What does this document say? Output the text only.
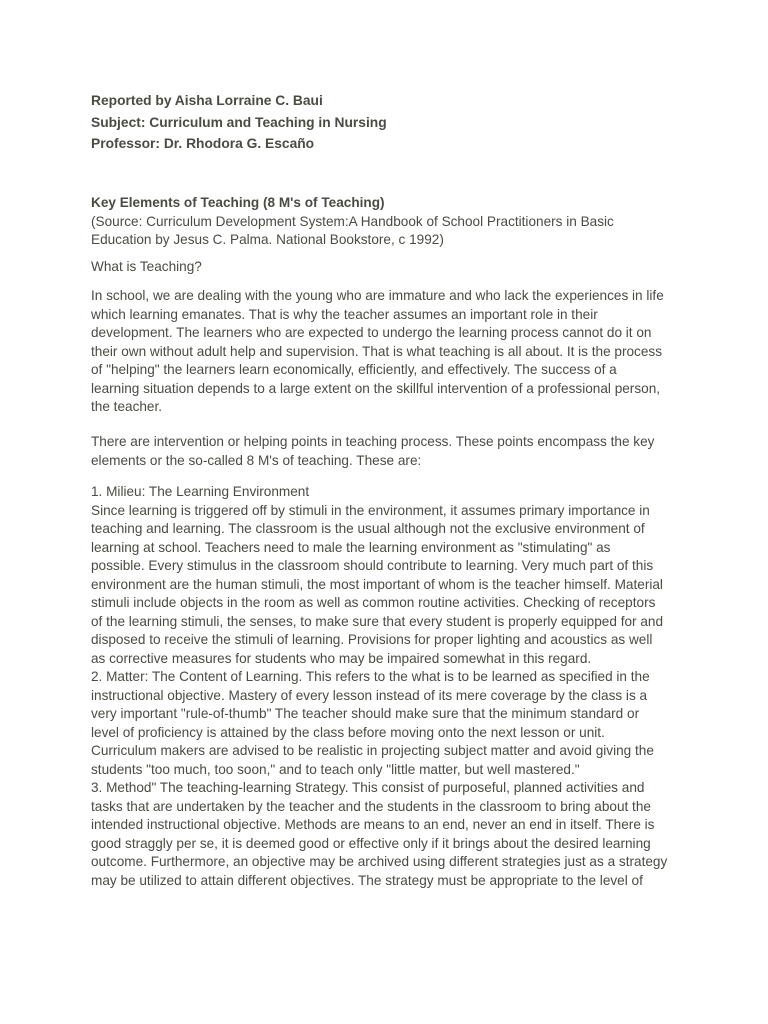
Reported by Aisha Lorraine C. Baui
Subject: Curriculum and Teaching in Nursing
Professor: Dr. Rhodora G. Escaño
Key Elements of Teaching (8 M's of Teaching)
(Source: Curriculum Development System:A Handbook of School Practitioners in Basic
Education by Jesus C. Palma. National Bookstore, c 1992)
What is Teaching?
In school, we are dealing with the young who are immature and who lack the experiences in life
which learning emanates. That is why the teacher assumes an important role in their
development. The learners who are expected to undergo the learning process cannot do it on
their own without adult help and supervision. That is what teaching is all about. It is the process
of "helping" the learners learn economically, efficiently, and effectively. The success of a
learning situation depends to a large extent on the skillful intervention of a professional person,
the teacher.
There are intervention or helping points in teaching process. These points encompass the key
elements or the so-called 8 M's of teaching. These are:
1. Milieu: The Learning Environment
Since learning is triggered off by stimuli in the environment, it assumes primary importance in
teaching and learning. The classroom is the usual although not the exclusive environment of
learning at school. Teachers need to male the learning environment as "stimulating" as
possible. Every stimulus in the classroom should contribute to learning. Very much part of this
environment are the human stimuli, the most important of whom is the teacher himself. Material
stimuli include objects in the room as well as common routine activities. Checking of receptors
of the learning stimuli, the senses, to make sure that every student is properly equipped for and
disposed to receive the stimuli of learning. Provisions for proper lighting and acoustics as well
as corrective measures for students who may be impaired somewhat in this regard.
2. Matter: The Content of Learning. This refers to the what is to be learned as specified in the
instructional objective. Mastery of every lesson instead of its mere coverage by the class is a
very important "rule-of-thumb" The teacher should make sure that the minimum standard or
level of proficiency is attained by the class before moving onto the next lesson or unit.
Curriculum makers are advised to be realistic in projecting subject matter and avoid giving the
students "too much, too soon," and to teach only "little matter, but well mastered."
3. Method" The teaching-learning Strategy. This consist of purposeful, planned activities and
tasks that are undertaken by the teacher and the students in the classroom to bring about the
intended instructional objective. Methods are means to an end, never an end in itself. There is
good straggly per se, it is deemed good or effective only if it brings about the desired learning
outcome. Furthermore, an objective may be archived using different strategies just as a strategy
may be utilized to attain different objectives. The strategy must be appropriate to the level of
